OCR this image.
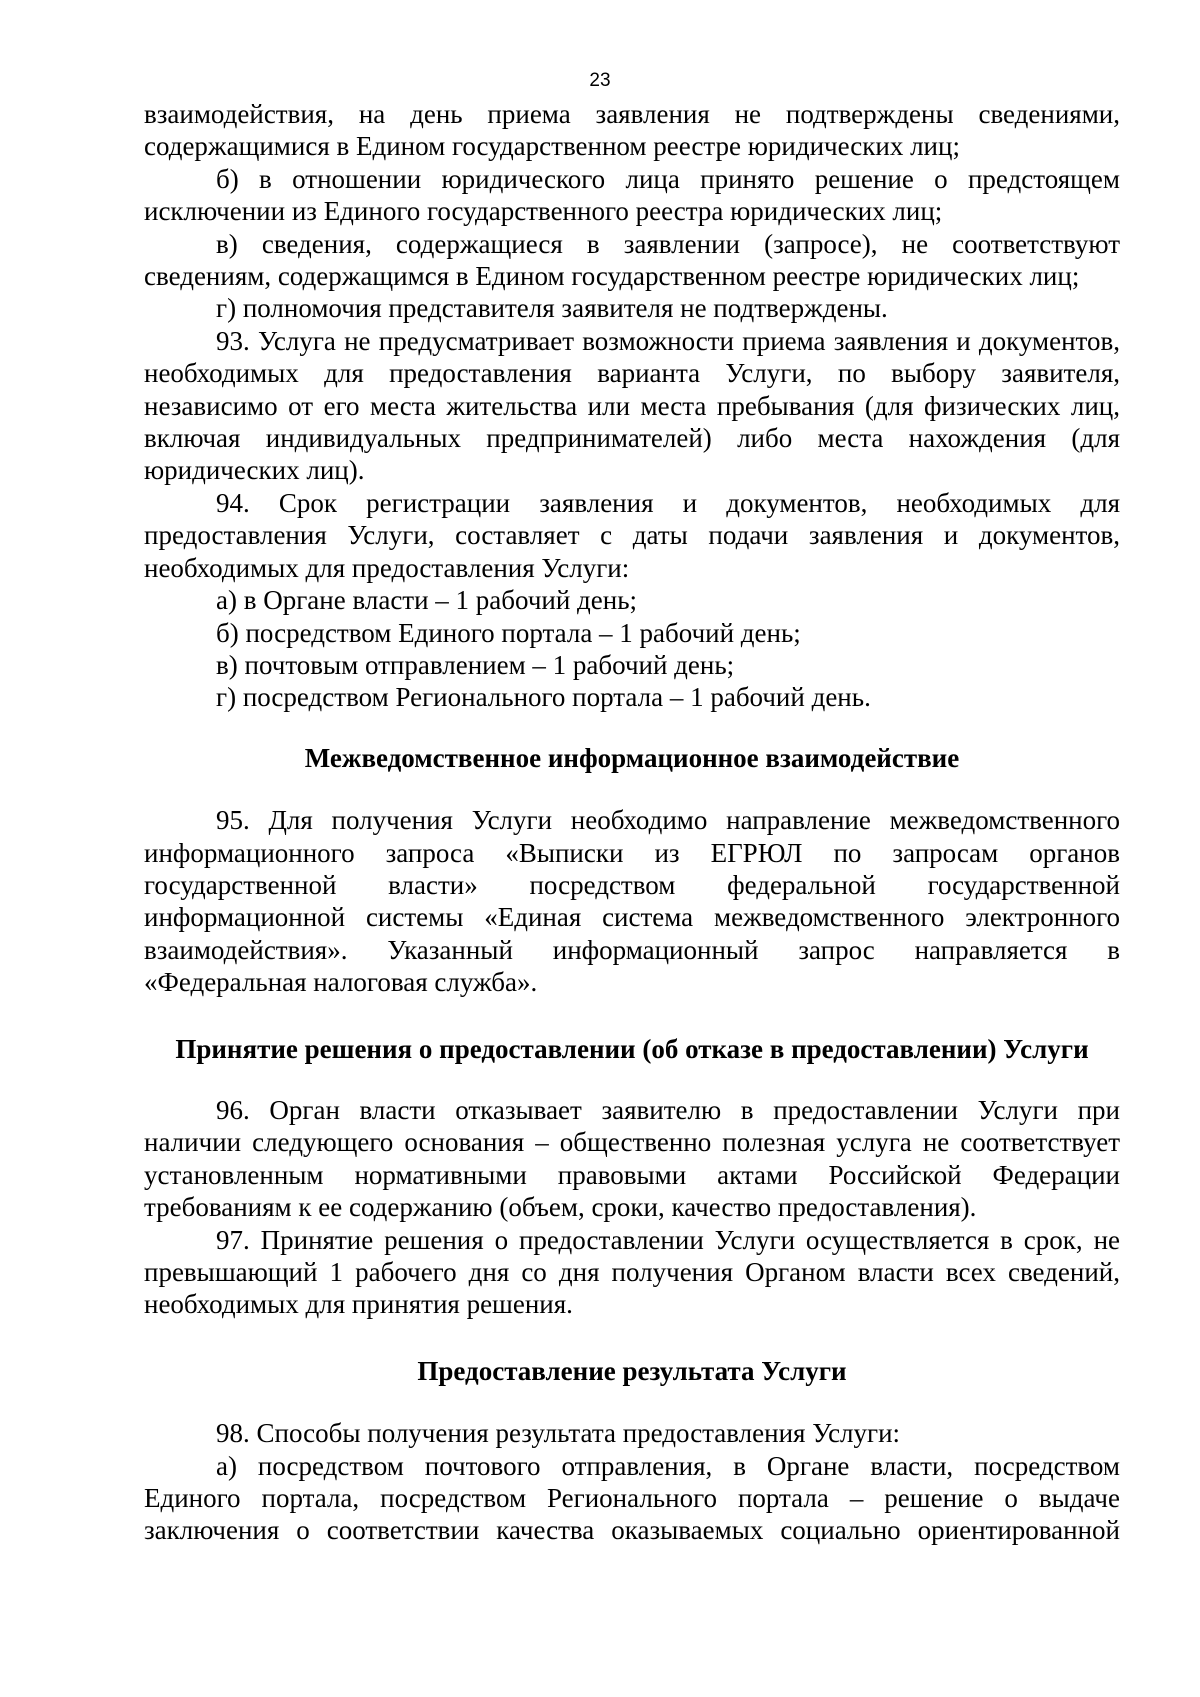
23

взаимодействия, на день приема заявления не подтверждены сведениями, содержащимися в Едином государственном реестре юридических лиц;

б) в отношении юридического лица принято решение о предстоящем исключении из Единого государственного реестра юридических лиц;

в) сведения, содержащиеся в заявлении (запросе), не соответствуют сведениям, содержащимся в Едином государственном реестре юридических лиц;

г) полномочия представителя заявителя не подтверждены.

93. Услуга не предусматривает возможности приема заявления и документов, необходимых для предоставления варианта Услуги, по выбору заявителя, независимо от его места жительства или места пребывания (для физических лиц, включая индивидуальных предпринимателей) либо места нахождения (для юридических лиц).

94. Срок регистрации заявления и документов, необходимых для предоставления Услуги, составляет с даты подачи заявления и документов, необходимых для предоставления Услуги:

а) в Органе власти – 1 рабочий день;

б) посредством Единого портала – 1 рабочий день;

в) почтовым отправлением – 1 рабочий день;

г) посредством Регионального портала – 1 рабочий день.

Межведомственное информационное взаимодействие

95. Для получения Услуги необходимо направление межведомственного информационного запроса «Выписки из ЕГРЮЛ по запросам органов государственной власти» посредством федеральной государственной информационной системы «Единая система межведомственного электронного взаимодействия». Указанный информационный запрос направляется в «Федеральная налоговая служба».

Принятие решения о предоставлении (об отказе в предоставлении) Услуги

96. Орган власти отказывает заявителю в предоставлении Услуги при наличии следующего основания – общественно полезная услуга не соответствует установленным нормативными правовыми актами Российской Федерации требованиям к ее содержанию (объем, сроки, качество предоставления).

97. Принятие решения о предоставлении Услуги осуществляется в срок, не превышающий 1 рабочего дня со дня получения Органом власти всех сведений, необходимых для принятия решения.

Предоставление результата Услуги

98. Способы получения результата предоставления Услуги:

а) посредством почтового отправления, в Органе власти, посредством Единого портала, посредством Регионального портала – решение о выдаче заключения о соответствии качества оказываемых социально ориентированной
